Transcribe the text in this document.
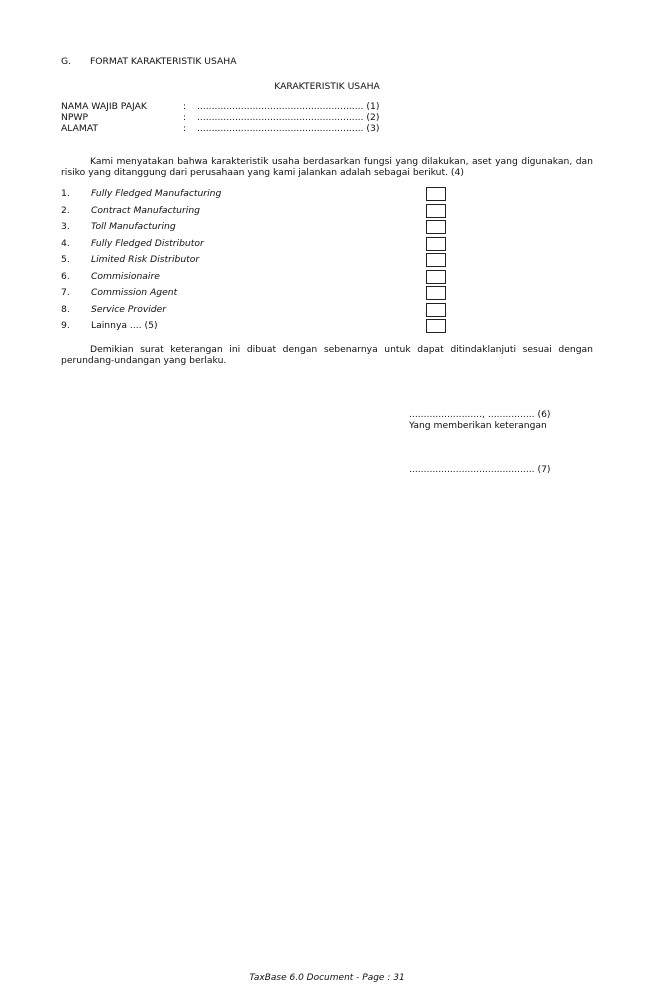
G. FORMAT KARAKTERISTIK USAHA
KARAKTERISTIK USAHA
NAMA WAJIB PAJAK	:	......................................................... (1)
NPWP	:	......................................................... (2)
ALAMAT	:	......................................................... (3)
Kami menyatakan bahwa karakteristik usaha berdasarkan fungsi yang dilakukan, aset yang digunakan, dan risiko yang ditanggung dari perusahaan yang kami jalankan adalah sebagai berikut. (4)
1. Fully Fledged Manufacturing
2. Contract Manufacturing
3. Toll Manufacturing
4. Fully Fledged Distributor
5. Limited Risk Distributor
6. Commisionaire
7. Commission Agent
8. Service Provider
9. Lainnya .... (5)
Demikian surat keterangan ini dibuat dengan sebenarnya untuk dapat ditindaklanjuti sesuai dengan perundang-undangan yang berlaku.
........................., ................ (6)
Yang memberikan keterangan
........................................... (7)
TaxBase 6.0 Document - Page : 31
